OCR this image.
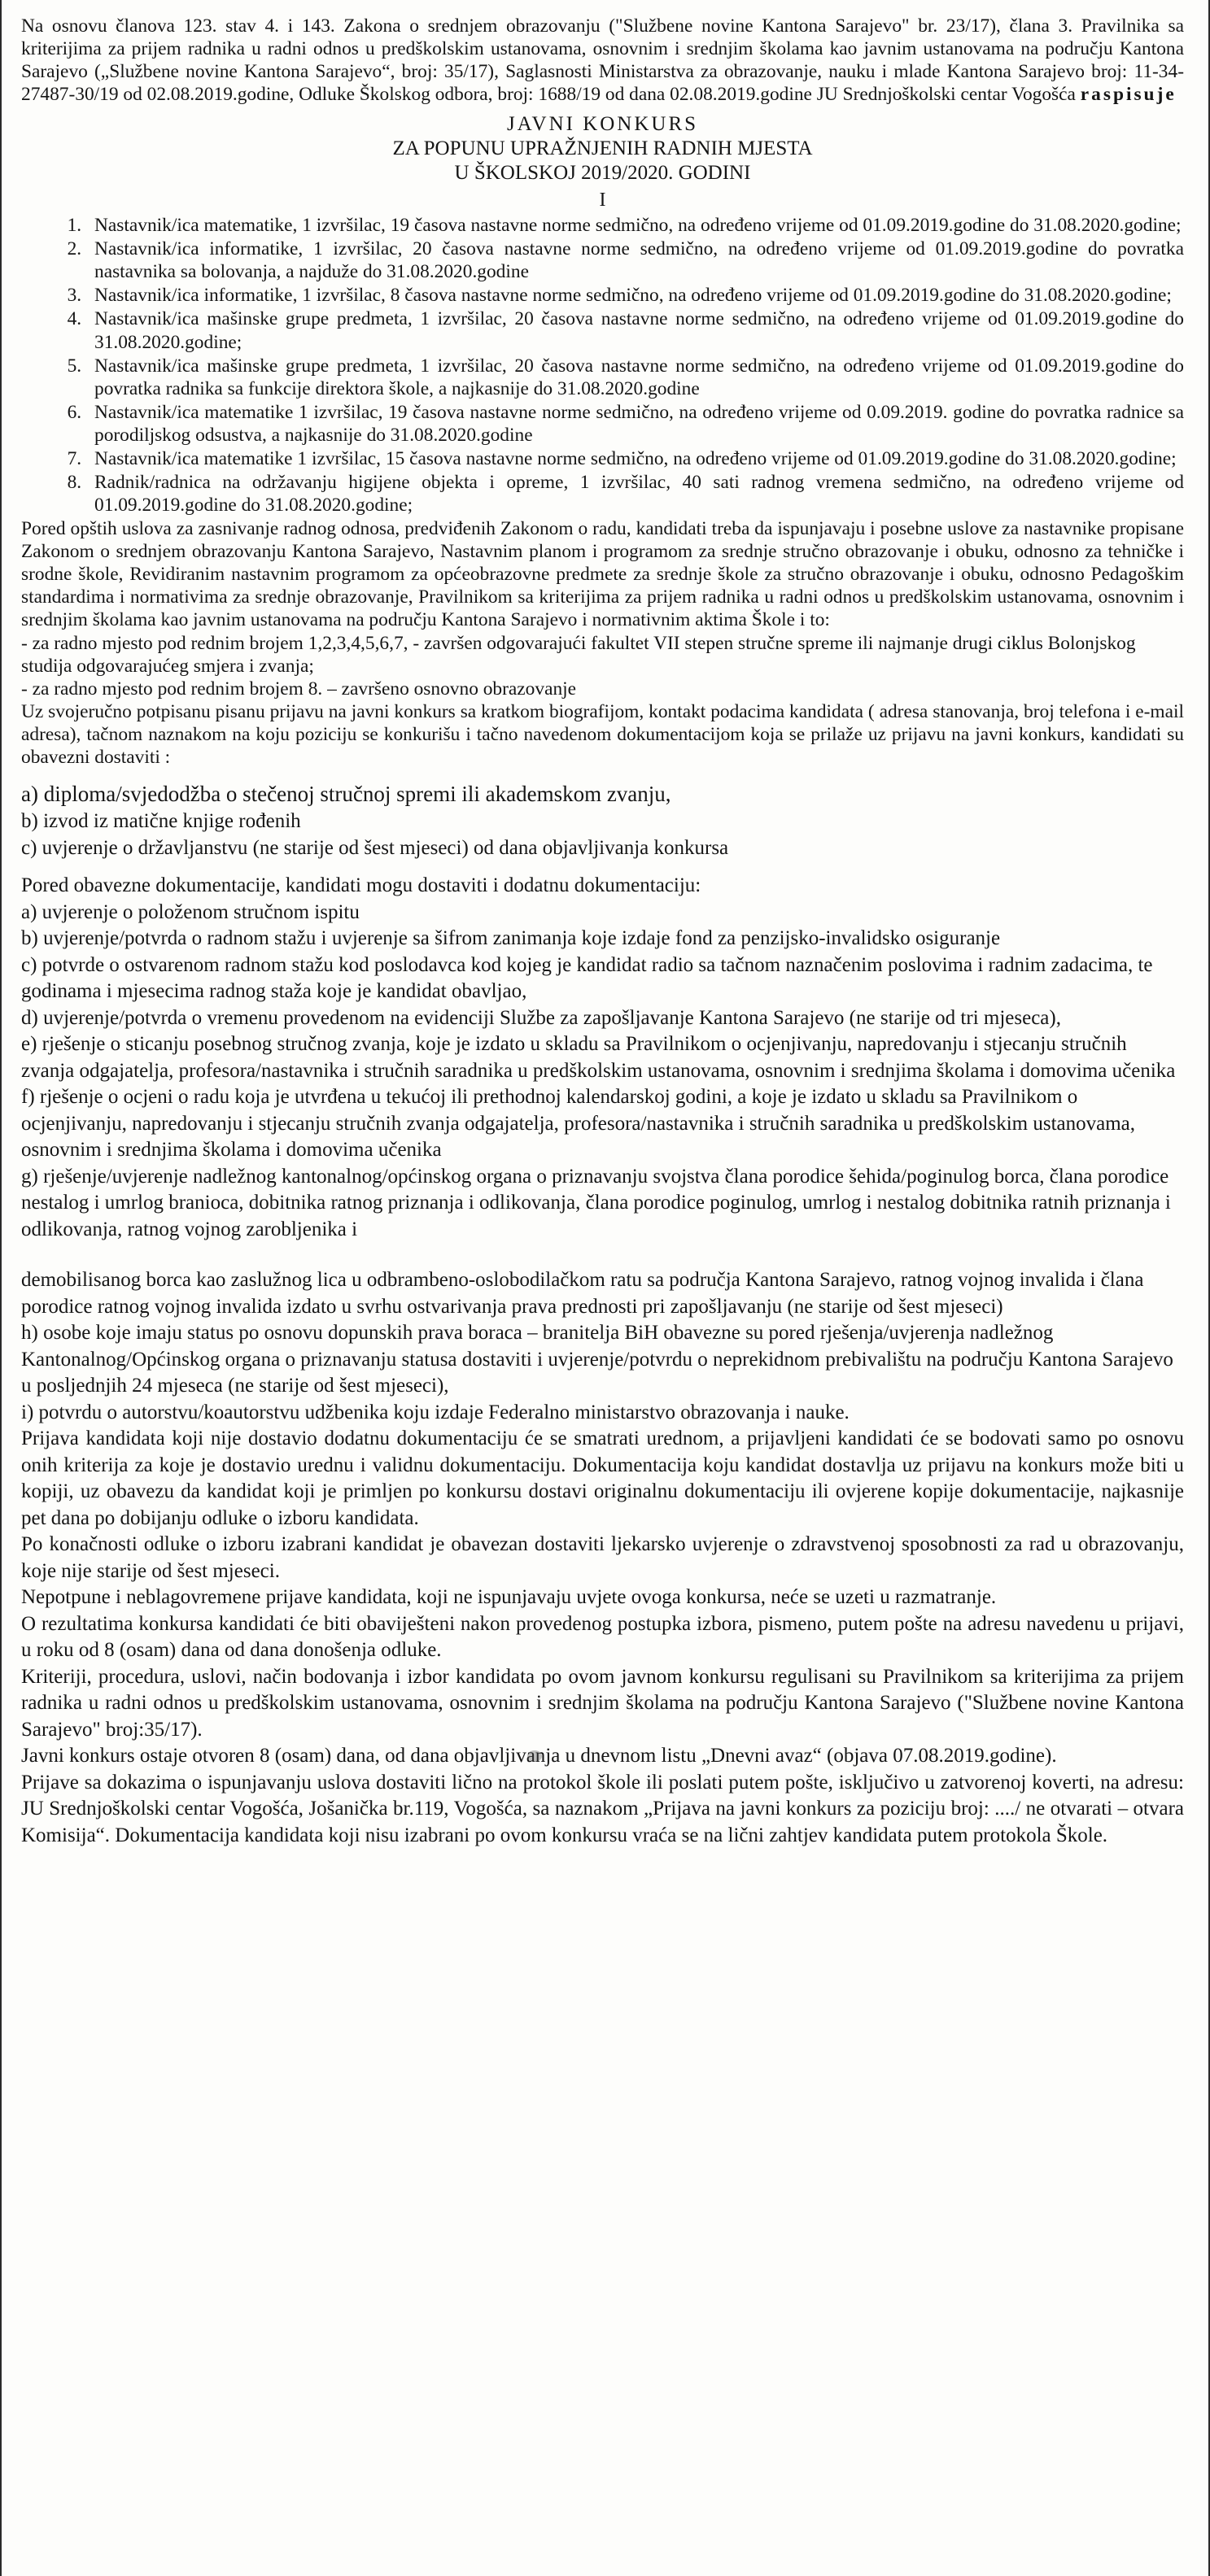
Na osnovu članova 123. stav 4. i 143. Zakona o srednjem obrazovanju ("Službene novine Kantona Sarajevo" br. 23/17), člana 3. Pravilnika sa kriterijima za prijem radnika u radni odnos u predškolskim ustanovama, osnovnim i srednjim školama kao javnim ustanovama na području Kantona Sarajevo („Službene novine Kantona Sarajevo“, broj: 35/17), Saglasnosti Ministarstva za obrazovanje, nauku i mlade Kantona Sarajevo broj: 11-34-27487-30/19 od 02.08.2019.godine, Odluke Školskog odbora, broj: 1688/19 od dana 02.08.2019.godine JU Srednjoškolski centar Vogošća raspisuje

JAVNI KONKURS
ZA POPUNU UPRAŽNJENIH RADNIH MJESTA
U ŠKOLSKOJ 2019/2020. GODINI
I
1. Nastavnik/ica matematike, 1 izvršilac, 19 časova nastavne norme sedmično, na određeno vrijeme od 01.09.2019.godine do 31.08.2020.godine;
2. Nastavnik/ica informatike, 1 izvršilac, 20 časova nastavne norme sedmično, na određeno vrijeme od 01.09.2019.godine do povratka nastavnika sa bolovanja, a najduže do 31.08.2020.godine
3. Nastavnik/ica informatike, 1 izvršilac, 8 časova nastavne norme sedmično, na određeno vrijeme od 01.09.2019.godine do 31.08.2020.godine;
4. Nastavnik/ica mašinske grupe predmeta, 1 izvršilac, 20 časova nastavne norme sedmično, na određeno vrijeme od 01.09.2019.godine do 31.08.2020.godine;
5. Nastavnik/ica mašinske grupe predmeta, 1 izvršilac, 20 časova nastavne norme sedmično, na određeno vrijeme od 01.09.2019.godine do povratka radnika sa funkcije direktora škole, a najkasnije do 31.08.2020.godine
6. Nastavnik/ica matematike 1 izvršilac, 19 časova nastavne norme sedmično, na određeno vrijeme od 0.09.2019. godine do povratka radnice sa porodiljskog odsustva, a najkasnije do 31.08.2020.godine
7. Nastavnik/ica matematike 1 izvršilac, 15 časova nastavne norme sedmično, na određeno vrijeme od 01.09.2019.godine do 31.08.2020.godine;
8. Radnik/radnica na održavanju higijene objekta i opreme, 1 izvršilac, 40 sati radnog vremena sedmično, na određeno vrijeme od 01.09.2019.godine do 31.08.2020.godine;

Pored opštih uslova za zasnivanje radnog odnosa, predviđenih Zakonom o radu, kandidati treba da ispunjavaju i posebne uslove za nastavnike propisane Zakonom o srednjem obrazovanju Kantona Sarajevo, Nastavnim planom i programom za srednje stručno obrazovanje i obuku, odnosno za tehničke i srodne škole, Revidiranim nastavnim programom za općeobrazovne predmete za srednje škole za stručno obrazovanje i obuku, odnosno Pedagoškim standardima i normativima za srednje obrazovanje, Pravilnikom sa kriterijima za prijem radnika u radni odnos u predškolskim ustanovama, osnovnim i srednjim školama kao javnim ustanovama na području Kantona Sarajevo i normativnim aktima Škole i to:

- za radno mjesto pod rednim brojem 1,2,3,4,5,6,7, - završen odgovarajući fakultet VII stepen stručne spreme ili najmanje drugi ciklus Bolonjskog studija odgovarajućeg smjera i zvanja;

- za radno mjesto pod rednim brojem 8. – završeno osnovno obrazovanje

Uz svojeručno potpisanu pisanu prijavu na javni konkurs sa kratkom biografijom, kontakt podacima kandidata ( adresa stanovanja, broj telefona i e-mail adresa), tačnom naznakom na koju poziciju se konkurišu i tačno navedenom dokumentacijom koja se prilaže uz prijavu na javni konkurs, kandidati su obavezni dostaviti :

a) diploma/svjedodžba o stečenoj stručnoj spremi ili akademskom zvanju,
b) izvod iz matične knjige rođenih
c) uvjerenje o državljanstvu (ne starije od šest mjeseci) od dana objavljivanja konkursa
Pored obavezne dokumentacije, kandidati mogu dostaviti i dodatnu dokumentaciju:
a) uvjerenje o položenom stručnom ispitu
b) uvjerenje/potvrda o radnom stažu i uvjerenje sa šifrom zanimanja koje izdaje fond za penzijsko-invalidsko osiguranje
c) potvrde o ostvarenom radnom stažu kod poslodavca kod kojeg je kandidat radio sa tačnom naznačenim poslovima i radnim zadacima, te godinama i mjesecima radnog staža koje je kandidat obavljao,
d) uvjerenje/potvrda o vremenu provedenom na evidenciji Službe za zapošljavanje Kantona Sarajevo (ne starije od tri mjeseca),
e) rješenje o sticanju posebnog stručnog zvanja, koje je izdato u skladu sa Pravilnikom o ocjenjivanju, napredovanju i stjecanju stručnih zvanja odgajatelja, profesora/nastavnika i stručnih saradnika u predškolskim ustanovama, osnovnim i srednjima školama i domovima učenika
f) rješenje o ocjeni o radu koja je utvrđena u tekućoj ili prethodnoj kalendarskoj godini, a koje je izdato u skladu sa Pravilnikom o ocjenjivanju, napredovanju i stjecanju stručnih zvanja odgajatelja, profesora/nastavnika i stručnih saradnika u predškolskim ustanovama, osnovnim i srednjima školama i domovima učenika
g) rješenje/uvjerenje nadležnog kantonalnog/općinskog organa o priznavanju svojstva člana porodice šehida/poginulog borca, člana porodice nestalog i umrlog branioca, dobitnika ratnog priznanja i odlikovanja, člana porodice poginulog, umrlog i nestalog dobitnika ratnih priznanja i odlikovanja, ratnog vojnog zarobljenika i
demobilisanog borca kao zaslužnog lica u odbrambeno-oslobodilačkom ratu sa područja Kantona Sarajevo, ratnog vojnog invalida i člana porodice ratnog vojnog invalida izdato u svrhu ostvarivanja prava prednosti pri zapošljavanju (ne starije od šest mjeseci)
h) osobe koje imaju status po osnovu dopunskih prava boraca – branitelja BiH obavezne su pored rješenja/uvjerenja nadležnog Kantonalnog/Općinskog organa o priznavanju statusa dostaviti i uvjerenje/potvrdu o neprekidnom prebivalištu na području Kantona Sarajevo u posljednjih 24 mjeseca (ne starije od šest mjeseci),
i) potvrdu o autorstvu/koautorstvu udžbenika koju izdaje Federalno ministarstvo obrazovanja i nauke.

Prijava kandidata koji nije dostavio dodatnu dokumentaciju će se smatrati urednom, a prijavljeni kandidati će se bodovati samo po osnovu onih kriterija za koje je dostavio urednu i validnu dokumentaciju. Dokumentacija koju kandidat dostavlja uz prijavu na konkurs može biti u kopiji, uz obavezu da kandidat koji je primljen po konkursu dostavi originalnu dokumentaciju ili ovjerene kopije dokumentacije, najkasnije pet dana po dobijanju odluke o izboru kandidata.

Po konačnosti odluke o izboru izabrani kandidat je obavezan dostaviti ljekarsko uvjerenje o zdravstvenoj sposobnosti za rad u obrazovanju, koje nije starije od šest mjeseci.

Nepotpune i neblagovremene prijave kandidata, koji ne ispunjavaju uvjete ovoga konkursa, neće se uzeti u razmatranje.

O rezultatima konkursa kandidati će biti obaviješteni nakon provedenog postupka izbora, pismeno, putem pošte na adresu navedenu u prijavi, u roku od 8 (osam) dana od dana donošenja odluke.

Kriteriji, procedura, uslovi, način bodovanja i izbor kandidata po ovom javnom konkursu regulisani su Pravilnikom sa kriterijima za prijem radnika u radni odnos u predškolskim ustanovama, osnovnim i srednjim školama na području Kantona Sarajevo ("Službene novine Kantona Sarajevo" broj:35/17).

Javni konkurs ostaje otvoren 8 (osam) dana, od dana objavljivanja u dnevnom listu „Dnevni avaz“ (objava 07.08.2019.godine).

Prijave sa dokazima o ispunjavanju uslova dostaviti lično na protokol škole ili poslati putem pošte, isključivo u zatvorenoj koverti, na adresu: JU Srednjoškolski centar Vogošća, Jošanička br.119, Vogošća, sa naznakom „Prijava na javni konkurs za poziciju broj: ..../ ne otvarati – otvara Komisija“. Dokumentacija kandidata koji nisu izabrani po ovom konkursu vraća se na lični zahtjev kandidata putem protokola Škole.
